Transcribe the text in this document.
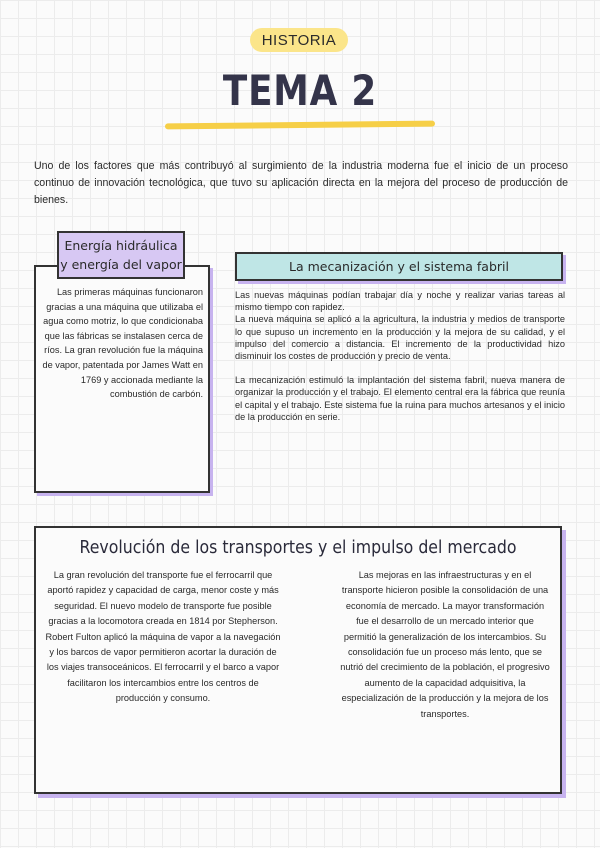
HISTORIA
TEMA 2
Uno de los factores que más contribuyó al surgimiento de la industria moderna fue el inicio de un proceso continuo de innovación tecnológica, que tuvo su aplicación directa en la mejora del proceso de producción de bienes.
Energía hidráulica y energía del vapor
Las primeras máquinas funcionaron gracias a una máquina que utilizaba el agua como motriz, lo que condicionaba que las fábricas se instalasen cerca de ríos. La gran revolución fue la máquina de vapor, patentada por James Watt en 1769 y accionada mediante la combustión de carbón.
La mecanización y el sistema fabril

Las nuevas máquinas podían trabajar día y noche y realizar varias tareas al mismo tiempo con rapidez.
La nueva máquina se aplicó a la agricultura, la industria y medios de transporte lo que supuso un incremento en la producción y la mejora de su calidad, y el impulso del comercio a distancia. El incremento de la productividad hizo disminuir los costes de producción y precio de venta.

La mecanización estimuló la implantación del sistema fabril, nueva manera de organizar la producción y el trabajo. El elemento central era la fábrica que reunía el capital y el trabajo. Este sistema fue la ruina para muchos artesanos y el inicio de la producción en serie.

Revolución de los transportes y el impulso del mercado
La gran revolución del transporte fue el ferrocarril que aportó rapidez y capacidad de carga, menor coste y más seguridad. El nuevo modelo de transporte fue posible gracias a la locomotora creada en 1814 por Stepherson. Robert Fulton aplicó la máquina de vapor a la navegación y los barcos de vapor permitieron acortar la duración de los viajes transoceánicos. El ferrocarril y el barco a vapor facilitaron los intercambios entre los centros de producción y consumo.
Las mejoras en las infraestructuras y en el transporte hicieron posible la consolidación de una economía de mercado. La mayor transformación fue el desarrollo de un mercado interior que permitió la generalización de los intercambios. Su consolidación fue un proceso más lento, que se nutrió del crecimiento de la población, el progresivo aumento de la capacidad adquisitiva, la especialización de la producción y la mejora de los transportes.
